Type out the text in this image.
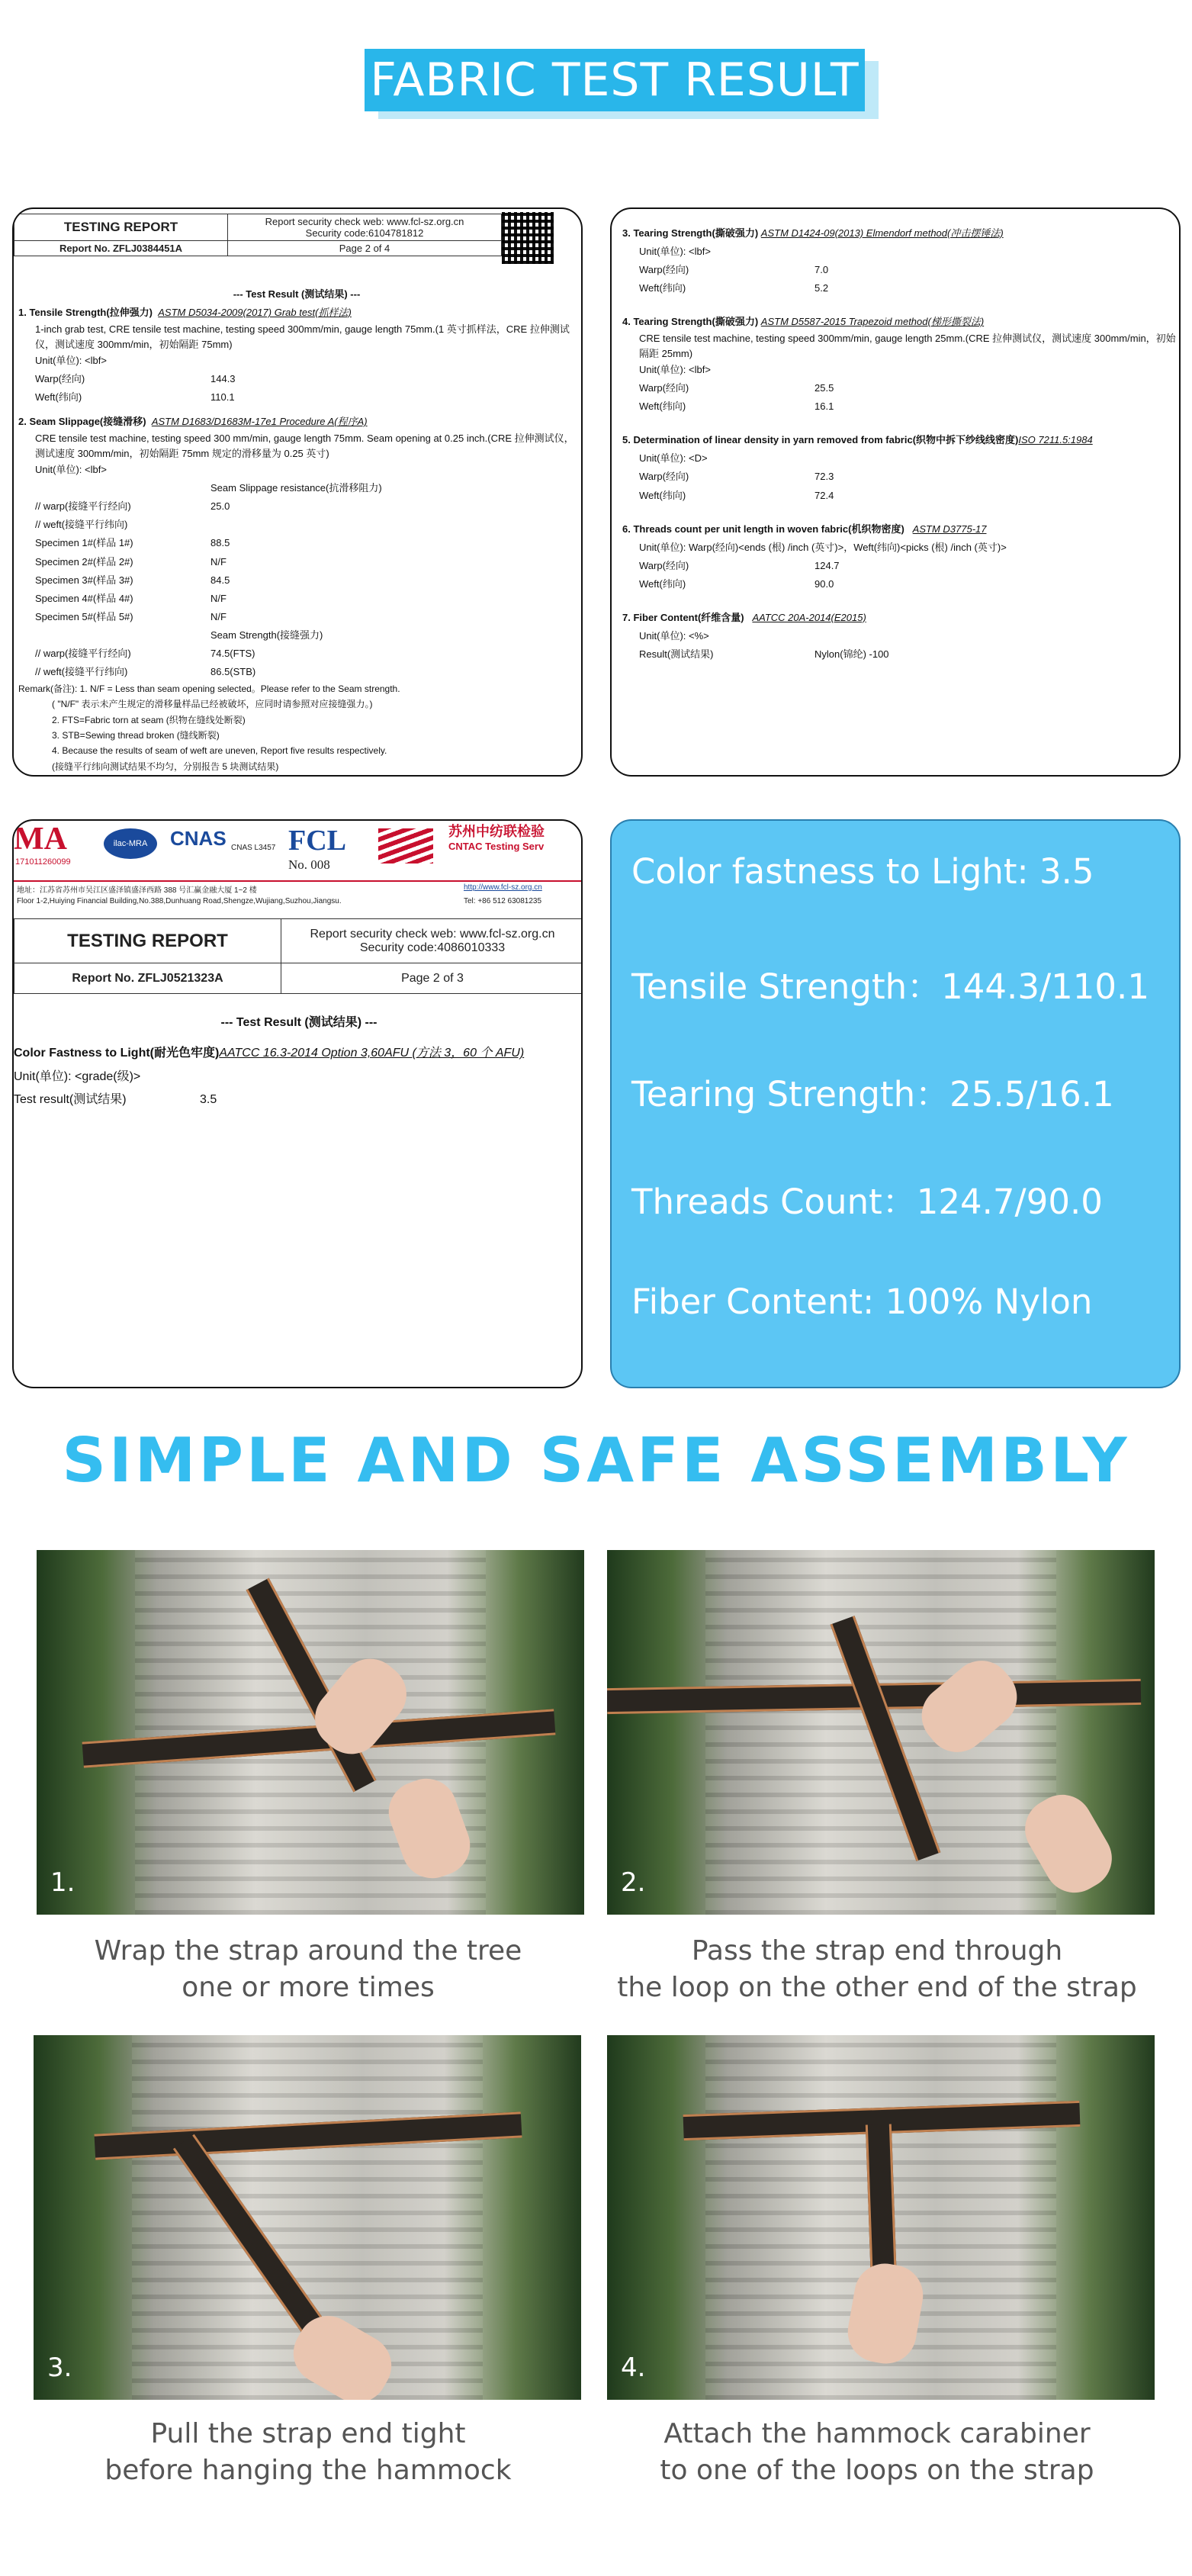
FABRIC TEST RESULT
TESTING REPORT	Report security check web: www.fcl-sz.org.cn
Security code:6104781812

Report No. ZFLJ0384451A	Page 2 of 4
--- Test Result (测试结果) ---
1. Tensile Strength(拉伸强力) ASTM D5034-2009(2017) Grab test(抓样法)
1-inch grab test, CRE tensile test machine, testing speed 300mm/min, gauge length 75mm.(1 英寸抓样法，CRE 拉伸测试仪，测试速度 300mm/min，初始隔距 75mm)
Unit(单位): <lbf>
Warp(经向)	144.3
Weft(纬向)	110.1
2. Seam Slippage(接缝滑移) ASTM D1683/D1683M-17e1 Procedure A(程序A)
CRE tensile test machine, testing speed 300 mm/min, gauge length 75mm. Seam opening at 0.25 inch.(CRE 拉伸测试仪，测试速度 300mm/min，初始隔距 75mm 规定的滑移量为 0.25 英寸)
Unit(单位): <lbf>
Seam Slippage resistance(抗滑移阻力)
// warp(接缝平行经向)	25.0
// weft(接缝平行纬向)
Specimen 1#(样品 1#)	88.5
Specimen 2#(样品 2#)	N/F
Specimen 3#(样品 3#)	84.5
Specimen 4#(样品 4#)	N/F
Specimen 5#(样品 5#)	N/F
Seam Strength(接缝强力)
// warp(接缝平行经向)	74.5(FTS)
// weft(接缝平行纬向)	86.5(STB)
Remark(备注): 1. N/F = Less than seam opening selected。Please refer to the Seam strength.
( "N/F" 表示未产生规定的滑移量样品已经被破坏，应同时请参照对应接缝强力。)
2. FTS=Fabric torn at seam (织物在缝线处断裂)
3. STB=Sewing thread broken (缝线断裂)
4. Because the results of seam of weft are uneven, Report five results respectively.
(接缝平行纬向测试结果不均匀，分别报告 5 块测试结果)
3. Tearing Strength(撕破强力) ASTM D1424-09(2013) Elmendorf method(冲击摆锤法)
Unit(单位): <lbf>
Warp(经向)	7.0
Weft(纬向)	5.2
4. Tearing Strength(撕破强力) ASTM D5587-2015 Trapezoid method(梯形撕裂法)
CRE tensile test machine, testing speed 300mm/min, gauge length 25mm.(CRE 拉伸测试仪，测试速度 300mm/min，初始隔距 25mm)
Unit(单位): <lbf>
Warp(经向)	25.5
Weft(纬向)	16.1
5. Determination of linear density in yarn removed from fabric(织物中拆下纱线线密度)ISO 7211.5:1984
Unit(单位): <D>
Warp(经向)	72.3
Weft(纬向)	72.4
6. Threads count per unit length in woven fabric(机织物密度) ASTM D3775-17
Unit(单位): Warp(经向)<ends (根) /inch (英寸)>，Weft(纬向)<picks (根) /inch (英寸)>
Warp(经向)	124.7
Weft(纬向)	90.0
7. Fiber Content(纤维含量) AATCC 20A-2014(E2015)
Unit(单位): <%>
Result(测试结果)	Nylon(锦纶) -100
MA
171011260099
ilac-MRA	CNAS CNAS L3457 FCL
No. 008
苏州中纺联检验
CNTAC Testing Serv
地址：江苏省苏州市吴江区盛泽镇盛泽西路 388 号汇赢金融大厦 1~2 楼
Floor 1-2,Huiying Financial Building,No.388,Dunhuang Road,Shengze,Wujiang,Suzhou,Jiangsu.
http://www.fcl-sz.org.cn
Tel: +86 512 63081235
TESTING REPORT	Report security check web: www.fcl-sz.org.cn
Security code:4086010333

Report No. ZFLJ0521323A	Page 2 of 3
--- Test Result (测试结果) ---
Color Fastness to Light(耐光色牢度)AATCC 16.3-2014 Option 3,60AFU (方法 3，60 个 AFU)
Unit(单位): <grade(级)>
Test result(测试结果)	3.5
Color fastness to Light: 3.5
Tensile Strength：144.3/110.1
Tearing Strength：25.5/16.1
Threads Count：124.7/90.0
Fiber Content: 100% Nylon
SIMPLE AND SAFE ASSEMBLY
1.	2.
Wrap the strap around the tree
one or more times
Pass the strap end through
the loop on the other end of the strap
3.	4.
Pull the strap end tight
before hanging the hammock
Attach the hammock carabiner
to one of the loops on the strap
